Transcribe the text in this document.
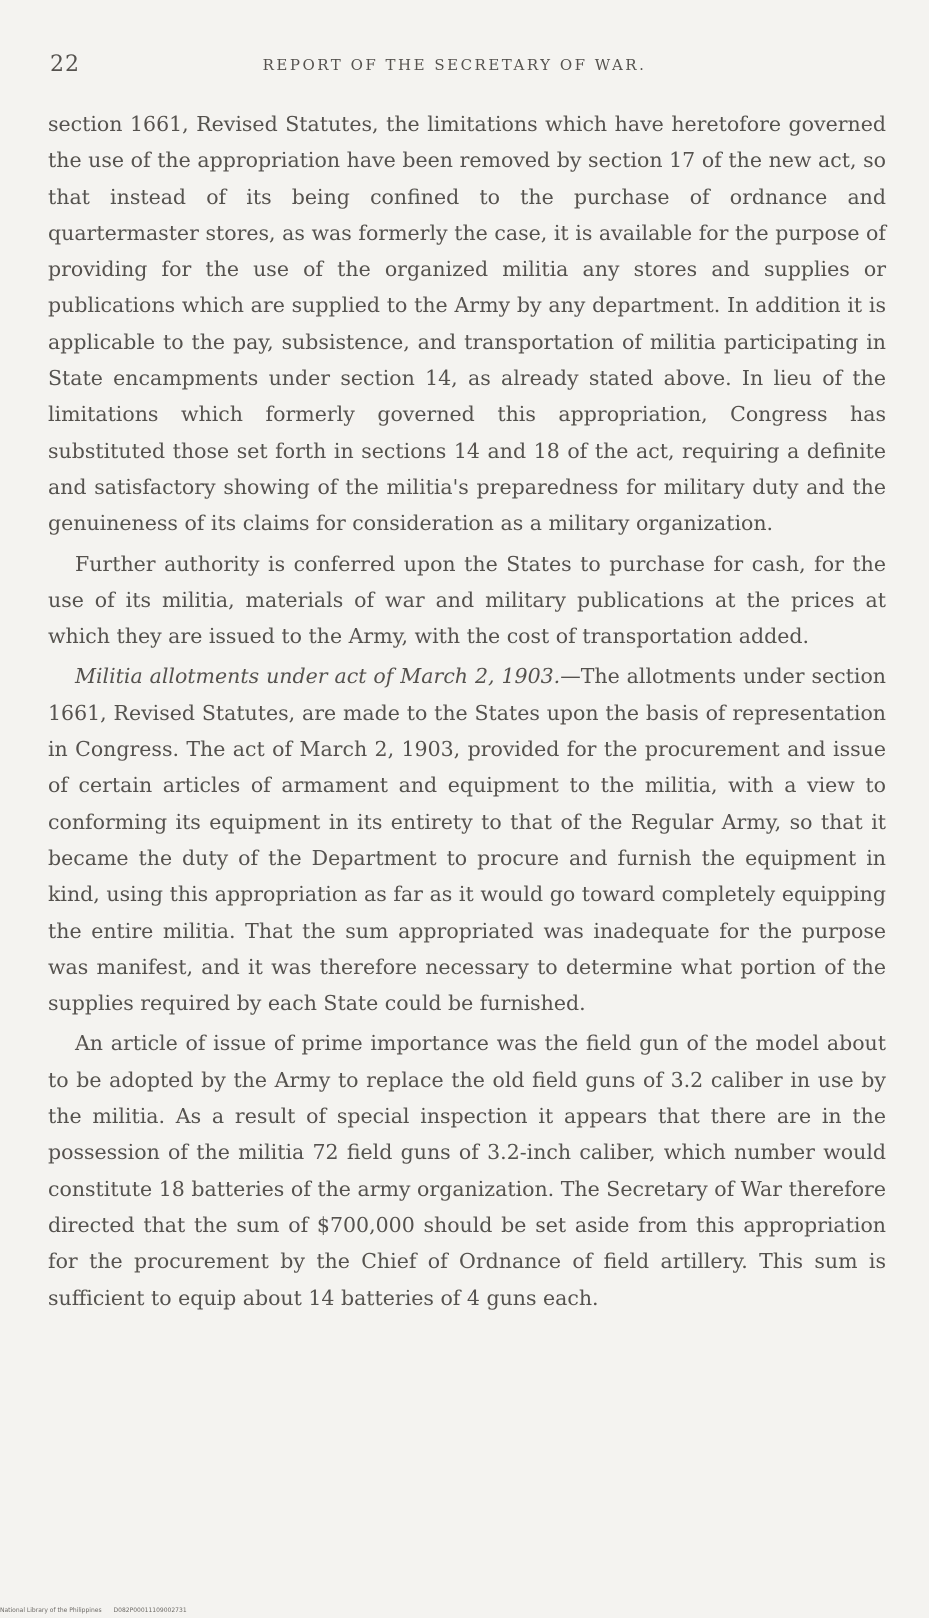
22	REPORT OF THE SECRETARY OF WAR.

section 1661, Revised Statutes, the limitations which have heretofore governed the use of the appropriation have been removed by section 17 of the new act, so that instead of its being confined to the purchase of ordnance and quartermaster stores, as was formerly the case, it is available for the purpose of providing for the use of the organized militia any stores and supplies or publications which are supplied to the Army by any department. In addition it is applicable to the pay, subsistence, and transportation of militia participating in State encampments under section 14, as already stated above. In lieu of the limitations which formerly governed this appropriation, Congress has substituted those set forth in sections 14 and 18 of the act, requiring a definite and satisfactory showing of the militia's preparedness for military duty and the genuineness of its claims for consideration as a military organization.

Further authority is conferred upon the States to purchase for cash, for the use of its militia, materials of war and military publications at the prices at which they are issued to the Army, with the cost of transportation added.

Militia allotments under act of March 2, 1903.—The allotments under section 1661, Revised Statutes, are made to the States upon the basis of representation in Congress. The act of March 2, 1903, provided for the procurement and issue of certain articles of armament and equipment to the militia, with a view to conforming its equipment in its entirety to that of the Regular Army, so that it became the duty of the Department to procure and furnish the equipment in kind, using this appropriation as far as it would go toward completely equipping the entire militia. That the sum appropriated was inadequate for the purpose was manifest, and it was therefore necessary to determine what portion of the supplies required by each State could be furnished.

An article of issue of prime importance was the field gun of the model about to be adopted by the Army to replace the old field guns of 3.2 caliber in use by the militia. As a result of special inspection it appears that there are in the possession of the militia 72 field guns of 3.2-inch caliber, which number would constitute 18 batteries of the army organization. The Secretary of War therefore directed that the sum of $700,000 should be set aside from this appropriation for the procurement by the Chief of Ordnance of field artillery. This sum is sufficient to equip about 14 batteries of 4 guns each.

National Library of the Philippines D082P00011109002731
